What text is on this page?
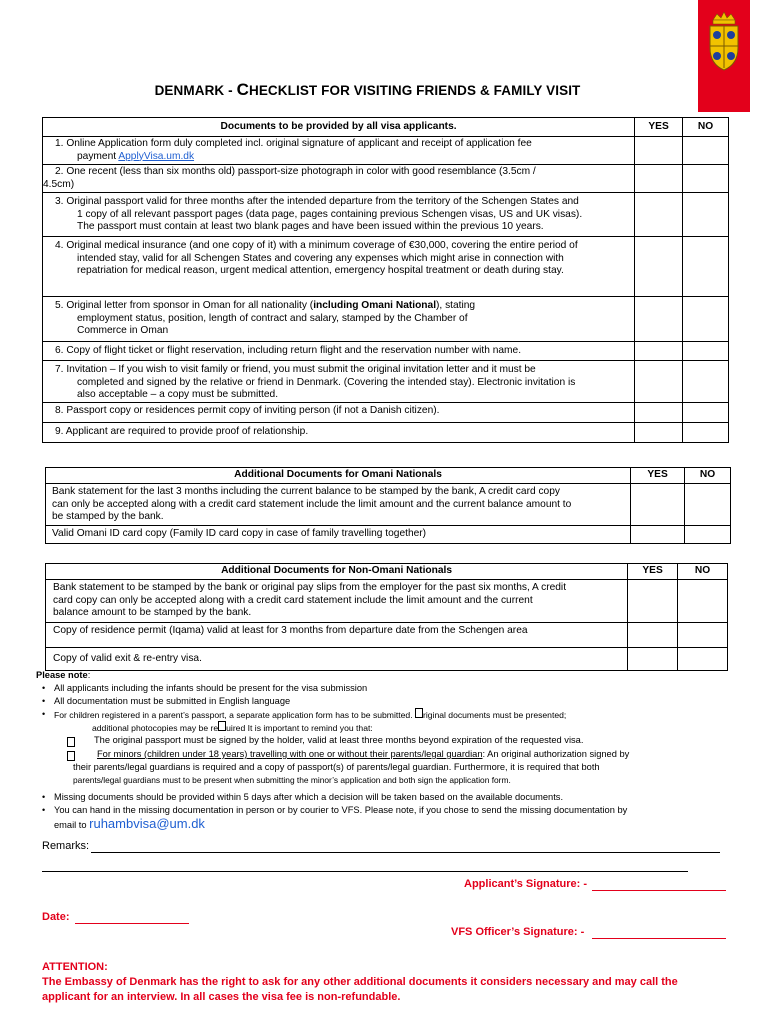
DENMARK - CHECKLIST FOR VISITING FRIENDS & FAMILY VISIT
Documents to be provided by all visa applicants.	YES	NO

1. Online Application form duly completed incl. original signature of applicant and receipt of application fee
payment ApplyVisa.um.dk		

2. One recent (less than six months old) passport-size photograph in color with good resemblance (3.5cm /
4.5cm)		

3. Original passport valid for three months after the intended departure from the territory of the Schengen States and
1 copy of all relevant passport pages (data page, pages containing previous Schengen visas, US and UK visas).
The passport must contain at least two blank pages and have been issued within the previous 10 years.		

4. Original medical insurance (and one copy of it) with a minimum coverage of €30,000, covering the entire period of
intended stay, valid for all Schengen States and covering any expenses which might arise in connection with
repatriation for medical reason, urgent medical attention, emergency hospital treatment or death during stay.		

5. Original letter from sponsor in Oman for all nationality (including Omani National), stating
employment status, position, length of contract and salary, stamped by the Chamber of
Commerce in Oman		

6. Copy of flight ticket or flight reservation, including return flight and the reservation number with name.		

7. Invitation – If you wish to visit family or friend, you must submit the original invitation letter and it must be
completed and signed by the relative or friend in Denmark. (Covering the intended stay). Electronic invitation is
also acceptable – a copy must be submitted.		

8. Passport copy or residences permit copy of inviting person (if not a Danish citizen).		

9. Applicant are required to provide proof of relationship.		

Additional Documents for Omani Nationals	YES	NO

Bank statement for the last 3 months including the current balance to be stamped by the bank, A credit card copy
can only be accepted along with a credit card statement include the limit amount and the current balance amount to
be stamped by the bank.		

Valid Omani ID card copy (Family ID card copy in case of family travelling together)		

Additional Documents for Non-Omani Nationals	YES	NO

Bank statement to be stamped by the bank or original pay slips from the employer for the past six months, A credit
card copy can only be accepted along with a credit card statement include the limit amount and the current
balance amount to be stamped by the bank.		

Copy of residence permit (Iqama) valid at least for 3 months from departure date from the Schengen area		

Copy of valid exit & re-entry visa.		

Please note:
• All applicants including the infants should be present for the visa submission
• All documentation must be submitted in English language
• For children registered in a parent’s passport, a separate application form has to be submitted. riginal documents must be presented;
additional photocopies may be re uired It is important to remind you that:
The original passport must be signed by the holder, valid at least three months beyond expiration of the requested visa.
For minors (children under 18 years) travelling with one or without their parents/legal guardian: An original authorization signed by
their parents/legal guardians is required and a copy of passport(s) of parents/legal guardian. Furthermore, it is required that both
parents/legal guardians must to be present when submitting the minor’s application and both sign the application form.
• Missing documents should be provided within 5 days after which a decision will be taken based on the available documents.
• You can hand in the missing documentation in person or by courier to VFS. Please note, if you chose to send the missing documentation by
email to ruhambvisa@um.dk
Remarks:
Applicant’s Signature: -
Date:
VFS Officer’s Signature: -
ATTENTION:
The Embassy of Denmark has the right to ask for any other additional documents it considers necessary and may call the
applicant for an interview. In all cases the visa fee is non-refundable.
